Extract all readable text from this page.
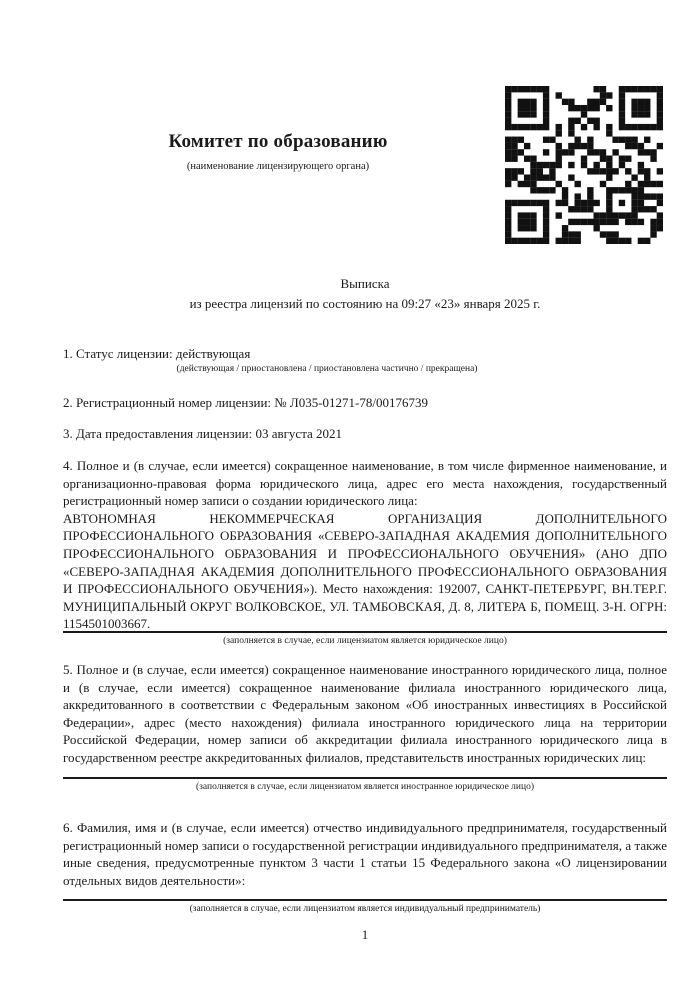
Комитет по образованию
(наименование лицензирующего органа)
Выписка
из реестра лицензий по состоянию на 09:27 «23» января 2025 г.
1. Статус лицензии: действующая
(действующая / приостановлена / приостановлена частично / прекращена)
2. Регистрационный номер лицензии: № Л035-01271-78/00176739
3. Дата предоставления лицензии: 03 августа 2021

4. Полное и (в случае, если имеется) сокращенное наименование, в том числе фирменное наименование, и организационно-правовая форма юридического лица, адрес его места нахождения, государственный регистрационный номер записи о создании юридического лица:

АВТОНОМНАЯ НЕКОММЕРЧЕСКАЯ ОРГАНИЗАЦИЯ ДОПОЛНИТЕЛЬНОГО ПРОФЕССИОНАЛЬНОГО ОБРАЗОВАНИЯ «СЕВЕРО-ЗАПАДНАЯ АКАДЕМИЯ ДОПОЛНИТЕЛЬНОГО ПРОФЕССИОНАЛЬНОГО ОБРАЗОВАНИЯ И ПРОФЕССИОНАЛЬНОГО ОБУЧЕНИЯ» (АНО ДПО «СЕВЕРО-ЗАПАДНАЯ АКАДЕМИЯ ДОПОЛНИТЕЛЬНОГО ПРОФЕССИОНАЛЬНОГО ОБРАЗОВАНИЯ И ПРОФЕССИОНАЛЬНОГО ОБУЧЕНИЯ»). Место нахождения: 192007, САНКТ-ПЕТЕРБУРГ, ВН.ТЕР.Г. МУНИЦИПАЛЬНЫЙ ОКРУГ ВОЛКОВСКОЕ, УЛ. ТАМБОВСКАЯ, Д. 8, ЛИТЕРА Б, ПОМЕЩ. 3-Н. ОГРН: 1154501003667.

(заполняется в случае, если лицензиатом является юридическое лицо)
5. Полное и (в случае, если имеется) сокращенное наименование иностранного юридического лица, полное и (в случае, если имеется) сокращенное наименование филиала иностранного юридического лица, аккредитованного в соответствии с Федеральным законом «Об иностранных инвестициях в Российской Федерации», адрес (место нахождения) филиала иностранного юридического лица на территории Российской Федерации, номер записи об аккредитации филиала иностранного юридического лица в государственном реестре аккредитованных филиалов, представительств иностранных юридических лиц:
(заполняется в случае, если лицензиатом является иностранное юридическое лицо)
6. Фамилия, имя и (в случае, если имеется) отчество индивидуального предпринимателя, государственный регистрационный номер записи о государственной регистрации индивидуального предпринимателя, а также иные сведения, предусмотренные пунктом 3 части 1 статьи 15 Федерального закона «О лицензировании отдельных видов деятельности»:
(заполняется в случае, если лицензиатом является индивидуальный предприниматель)
1
